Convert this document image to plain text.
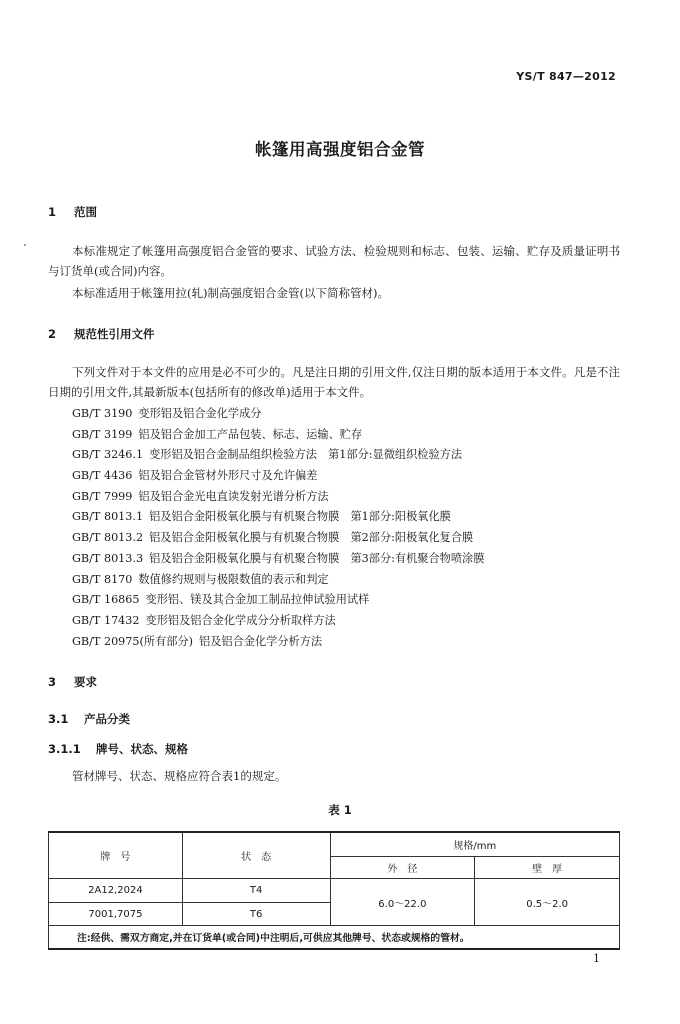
YS/T 847—2012
帐篷用高强度铝合金管
1 范围
本标准规定了帐篷用高强度铝合金管的要求、试验方法、检验规则和标志、包装、运输、贮存及质量证明书与订货单(或合同)内容。
本标准适用于帐篷用拉(轧)制高强度铝合金管(以下简称管材)。
2 规范性引用文件
下列文件对于本文件的应用是必不可少的。凡是注日期的引用文件,仅注日期的版本适用于本文件。凡是不注日期的引用文件,其最新版本(包括所有的修改单)适用于本文件。
GB/T 3190 变形铝及铝合金化学成分
GB/T 3199 铝及铝合金加工产品包装、标志、运输、贮存
GB/T 3246.1 变形铝及铝合金制品组织检验方法　第1部分:显微组织检验方法
GB/T 4436 铝及铝合金管材外形尺寸及允许偏差
GB/T 7999 铝及铝合金光电直读发射光谱分析方法
GB/T 8013.1 铝及铝合金阳极氧化膜与有机聚合物膜　第1部分:阳极氧化膜
GB/T 8013.2 铝及铝合金阳极氧化膜与有机聚合物膜　第2部分:阳极氧化复合膜
GB/T 8013.3 铝及铝合金阳极氧化膜与有机聚合物膜　第3部分:有机聚合物喷涂膜
GB/T 8170 数值修约规则与极限数值的表示和判定
GB/T 16865 变形铝、镁及其合金加工制品拉伸试验用试样
GB/T 17432 变形铝及铝合金化学成分分析取样方法
GB/T 20975(所有部分) 铝及铝合金化学分析方法
3 要求
3.1 产品分类
3.1.1 牌号、状态、规格
管材牌号、状态、规格应符合表1的规定。
表 1
牌　号	状　态	规格/mm	
		外　径	壁　厚
2A12,2024	T4	6.0～22.0	0.5～2.0
7001,7075	T6		
注:经供、需双方商定,并在订货单(或合同)中注明后,可供应其他牌号、状态或规格的管材。			
1
